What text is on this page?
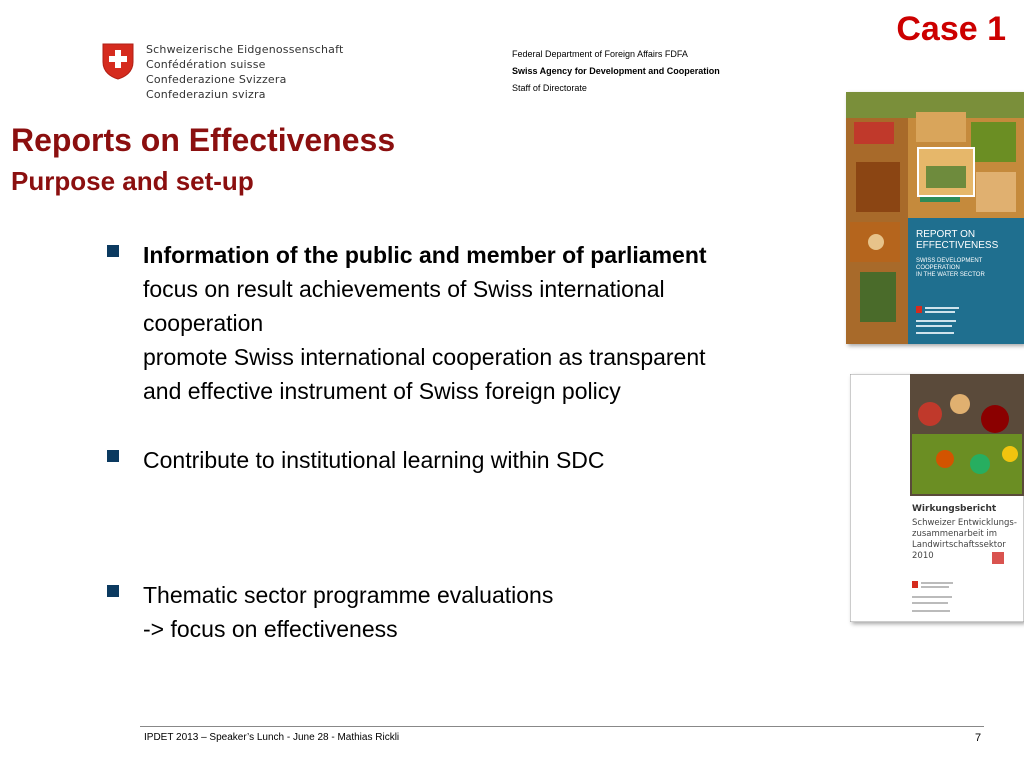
Case 1
Schweizerische Eidgenossenschaft
Confédération suisse
Confederazione Svizzera
Confederaziun svizra
Federal Department of Foreign Affairs FDFA
Swiss Agency for Development and Cooperation
Staff of Directorate
Reports on Effectiveness
Purpose and set-up
Information of the public and member of parliament
focus on result achievements of Swiss international
cooperation
promote Swiss international cooperation as transparent
and effective instrument of Swiss foreign policy
Contribute to institutional learning within SDC
Thematic sector programme evaluations
-> focus on effectiveness
REPORT ON EFFECTIVENESS
SWISS DEVELOPMENT COOPERATION IN THE WATER SECTOR
Wirkungsbericht
Schweizer Entwicklungs- zusammenarbeit im Landwirtschaftssektor 2010
IPDET 2013 – Speaker’s Lunch - June 28 - Mathias Rickli	7
